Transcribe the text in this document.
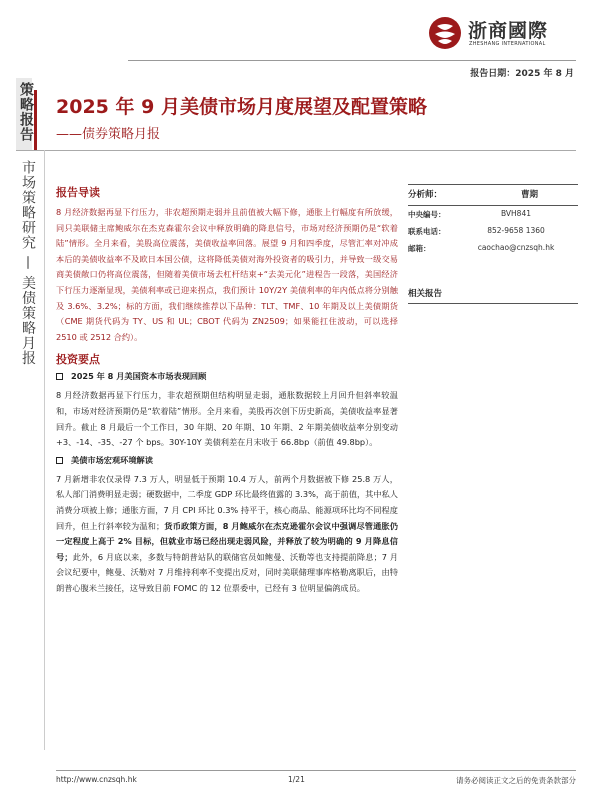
浙商國際
ZHESHANG INTERNATIONAL
报告日期：2025 年 8 月
策略报告
市场策略研究 — 美债策略月报
2025 年 9 月美债市场月度展望及配置策略
——债券策略月报
报告导读

8 月经济数据再显下行压力，非农超预期走弱并且前值被大幅下修，通胀上行幅度有所放缓，同只美联储主席鲍威尔在杰克森霍尔会议中释放明确的降息信号，市场对经济预期仍是“软着陆”情形。全月来看，美股高位震荡，美债收益率回落。展望 9 月和四季度，尽管汇率对冲成本后的美债收益率不及欧日本国公债，这将降低美债对海外投资者的吸引力，并导致一级交易商美债敞口仍将高位震荡，但随着美债市场去杠杆结束+“去美元化”进程告一段落，美国经济下行压力逐渐显现，美债利率或已迎来拐点，我们预计 10Y/2Y 美债利率的年内低点将分别触及 3.6%、3.2%；标的方面，我们继续推荐以下品种：TLT、TMF、10 年期及以上美债期货（CME 期货代码为 TY、US 和 UL；CBOT 代码为 ZN2509；如果能扛住波动，可以选择 2510 或 2512 合约）。

投资要点
2025 年 8 月美国资本市场表现回顾

8 月经济数据再显下行压力，非农超预期但结构明显走弱，通胀数据较上月回升但斜率较温和，市场对经济预期仍是“软着陆”情形。全月来看，美股再次创下历史新高，美债收益率显著回升。截止 8 月最后一个工作日，30 年期、20 年期、10 年期、2 年期美债收益率分别变动+3、-14、-35、-27 个 bps。30Y-10Y 美债利差在月末收于 66.8bp（前值 49.8bp）。

美债市场宏观环境解读

7 月新增非农仅录得 7.3 万人，明显低于预期 10.4 万人，前两个月数据被下修 25.8 万人，私人部门消费明显走弱；硬数据中，二季度 GDP 环比最终值露的 3.3%，高于前值，其中私人消费分项被上修；通胀方面，7 月 CPI 环比 0.3% 持平于，核心商品、能源项环比均不同程度回升，但上行斜率较为温和；货币政策方面，8 月鲍威尔在杰克逊霍尔会议中强调尽管通胀仍一定程度上高于 2% 目标，但就业市场已经出现走弱风险，并释放了较为明确的 9 月降息信号；此外，6 月底以来，多数与特朗普站队的联储官员如鲍曼、沃勒等也支持提前降息；7 月会议纪要中，鲍曼、沃勒对 7 月维持利率不变提出反对，同时美联储理事库格勒离职后，由特朗普心腹米兰接任，这导致目前 FOMC 的 12 位票委中，已经有 3 位明显偏鸽成员。

分析师：	曹期
中央编号：	BVH841
联系电话：	852-9658 1360
邮箱：	caochao@cnzsqh.hk
相关报告
http://www.cnzsqh.hk	1/21	请务必阅读正文之后的免责条款部分
